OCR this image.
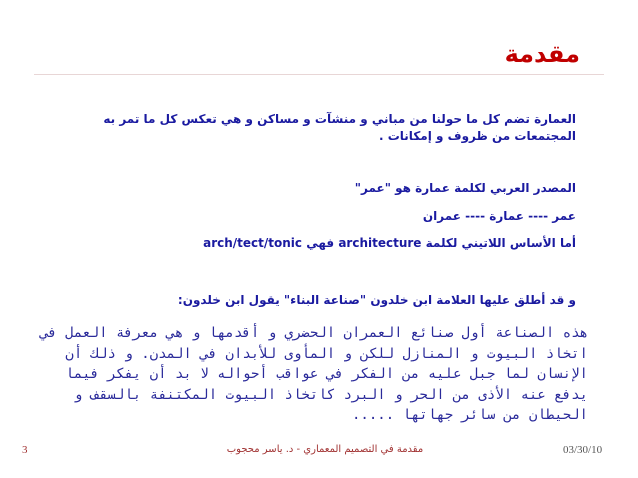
مقدمة
العمارة تضم كل ما حولنا من مباني و منشآت و مساكن و هي تعكس كل ما تمر به المجتمعات من ظروف و إمكانات .
المصدر العربي لكلمة عمارة هو "عمر"
عمر ---- عمارة ---- عمران
أما الأساس اللاتيني لكلمة architecture فهي arch/tect/tonic
و قد أطلق عليها العلامة ابن خلدون "صناعة البناء" يقول ابن خلدون:
هذه الصناعة أول صنائع العمران الحضري و أقدمها و هي معرفة العمل في اتخاذ البيوت و المنازل للكن و المأوى للأبدان في المدن. و ذلك أن الإنسان لما جبل عليه من الفكر في عواقب أحواله لا بد أن يفكر فيما يدفع عنه الأذى من الحر و البرد كاتخاذ البيوت المكتنفة بالسقف و الحيطان من سائر جهاتها .....
03/30/10
مقدمة في التصميم المعماري - د. ياسر محجوب
3
